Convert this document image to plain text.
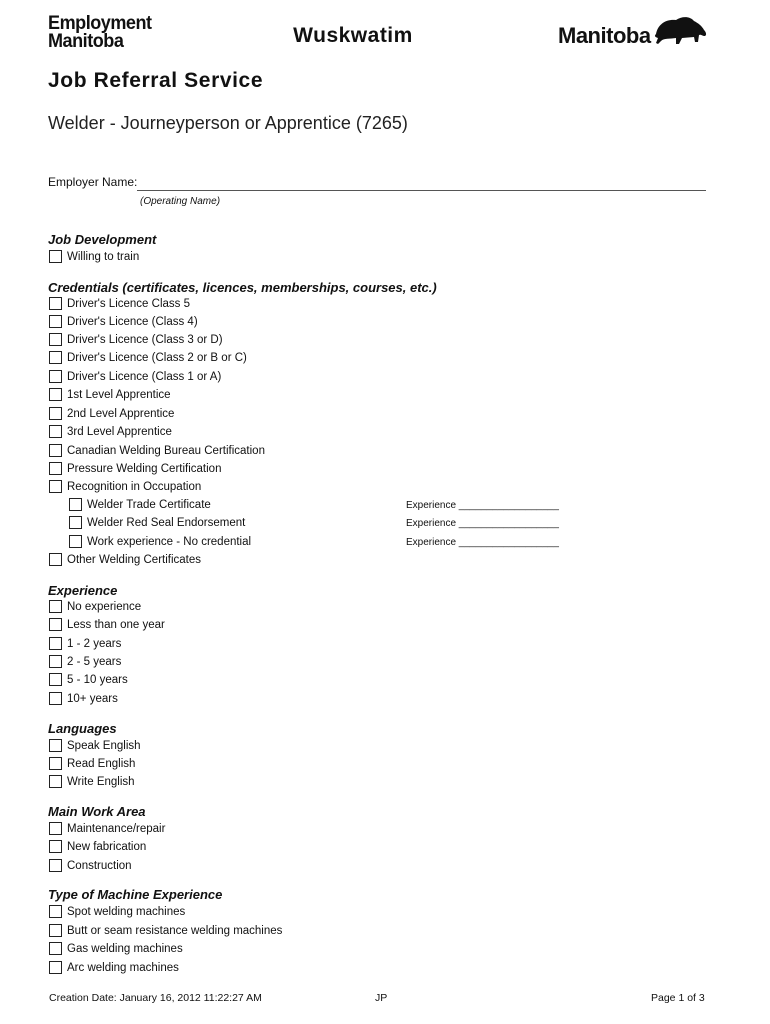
Employment
Manitoba	Wuskwatim	Manitoba
Job Referral Service
Welder - Journeyperson or Apprentice (7265)
Employer Name:
(Operating Name)
Job Development
Willing to train
Credentials (certificates, licences, memberships, courses, etc.)
Driver's Licence Class 5
Driver's Licence (Class 4)
Driver's Licence (Class 3 or D)
Driver's Licence (Class 2 or B or C)
Driver's Licence (Class 1 or A)
1st Level Apprentice
2nd Level Apprentice
3rd Level Apprentice
Canadian Welding Bureau Certification
Pressure Welding Certification
Recognition in Occupation
Welder Trade Certificate	Experience __________________
Welder Red Seal Endorsement	Experience __________________
Work experience - No credential	Experience __________________
Other Welding Certificates
Experience
No experience
Less than one year
1 - 2 years
2 - 5 years
5 - 10 years
10+ years
Languages
Speak English
Read English
Write English
Main Work Area
Maintenance/repair
New fabrication
Construction
Type of Machine Experience
Spot welding machines
Butt or seam resistance welding machines
Gas welding machines
Arc welding machines
Creation Date: January 16, 2012 11:22:27 AM	JP	Page 1 of 3
